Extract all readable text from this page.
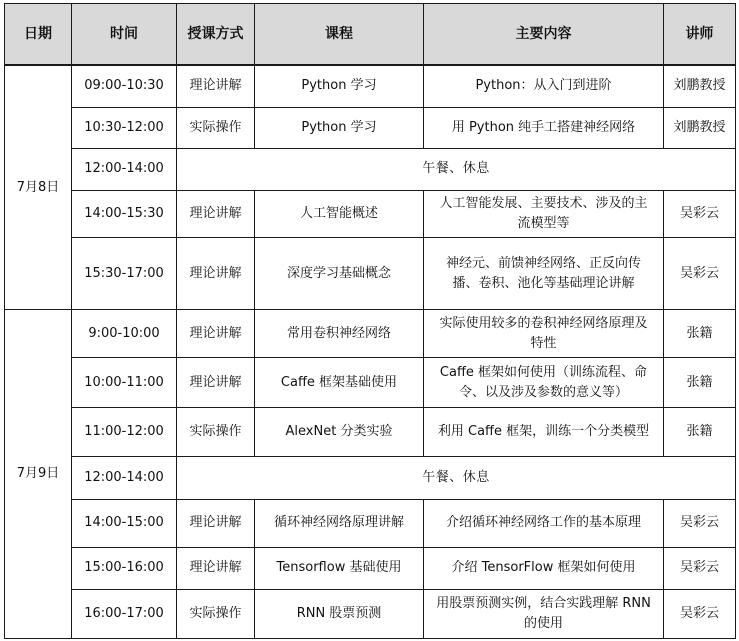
日期	时间	授课方式	课程	主要内容	讲师
7月8日	09:00-10:30	理论讲解	Python 学习	Python：从入门到进阶	刘鹏教授
	10:30-12:00	实际操作	Python 学习	用 Python 纯手工搭建神经网络	刘鹏教授
	12:00-14:00	午餐、休息			
	14:00-15:30	理论讲解	人工智能概述	人工智能发展、主要技术、涉及的主流模型等	吴彩云
	15:30-17:00	理论讲解	深度学习基础概念	神经元、前馈神经网络、正反向传播、卷积、池化等基础理论讲解	吴彩云
7月9日	9:00-10:00	理论讲解	常用卷积神经网络	实际使用较多的卷积神经网络原理及特性	张籍
	10:00-11:00	理论讲解	Caffe 框架基础使用	Caffe 框架如何使用（训练流程、命令、以及涉及参数的意义等）	张籍
	11:00-12:00	实际操作	AlexNet 分类实验	利用 Caffe 框架，训练一个分类模型	张籍
	12:00-14:00	午餐、休息			
	14:00-15:00	理论讲解	循环神经网络原理讲解	介绍循环神经网络工作的基本原理	吴彩云
	15:00-16:00	理论讲解	Tensorflow 基础使用	介绍 TensorFlow 框架如何使用	吴彩云
	16:00-17:00	实际操作	RNN 股票预测	用股票预测实例，结合实践理解 RNN 的使用	吴彩云
